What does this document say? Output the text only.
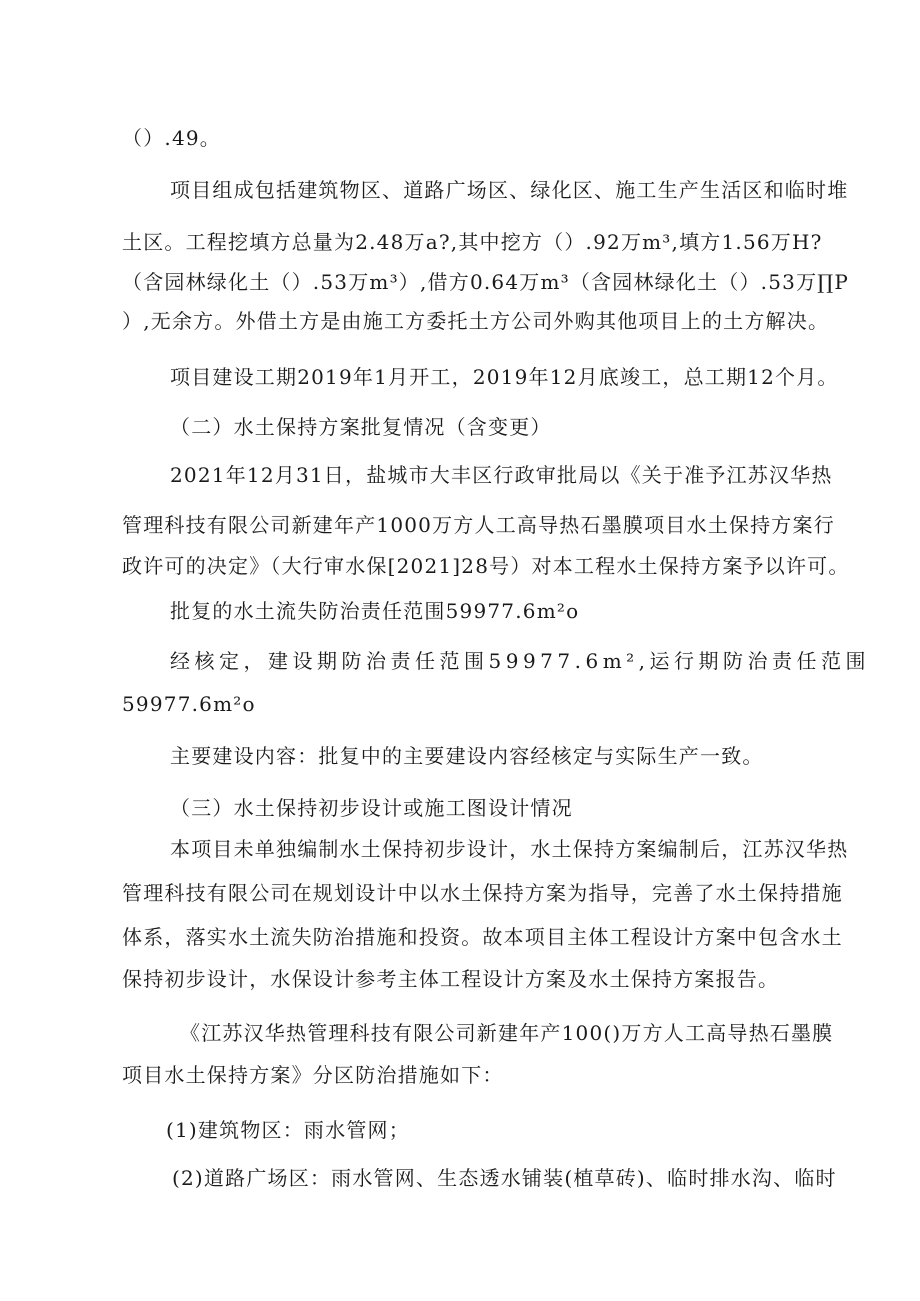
（）.49。
项目组成包括建筑物区、道路广场区、绿化区、施工生产生活区和临时堆
土区。工程挖填方总量为2.48万a?,其中挖方（）.92万m³,填方1.56万H?
（含园林绿化土（）.53万m³）,借方0.64万m³（含园林绿化土（）.53万∏P
）,无余方。外借土方是由施工方委托土方公司外购其他项目上的土方解决。
项目建设工期2019年1月开工，2019年12月底竣工，总工期12个月。
（二）水土保持方案批复情况（含变更）
2021年12月31日，盐城市大丰区行政审批局以《关于准予江苏汉华热
管理科技有限公司新建年产1000万方人工高导热石墨膜项目水土保持方案行
政许可的决定》（大行审水保[2021]28号）对本工程水土保持方案予以许可。
批复的水土流失防治责任范围59977.6m²o
经核定，建设期防治责任范围59977.6m²,运行期防治责任范围
59977.6m²o
主要建设内容：批复中的主要建设内容经核定与实际生产一致。
（三）水土保持初步设计或施工图设计情况
本项目未单独编制水土保持初步设计，水土保持方案编制后，江苏汉华热
管理科技有限公司在规划设计中以水土保持方案为指导，完善了水土保持措施
体系，落实水土流失防治措施和投资。故本项目主体工程设计方案中包含水土
保持初步设计，水保设计参考主体工程设计方案及水土保持方案报告。
《江苏汉华热管理科技有限公司新建年产100()万方人工高导热石墨膜
项目水土保持方案》分区防治措施如下：
(1)建筑物区：雨水管网；
(2)道路广场区：雨水管网、生态透水铺装(植草砖)、临时排水沟、临时
